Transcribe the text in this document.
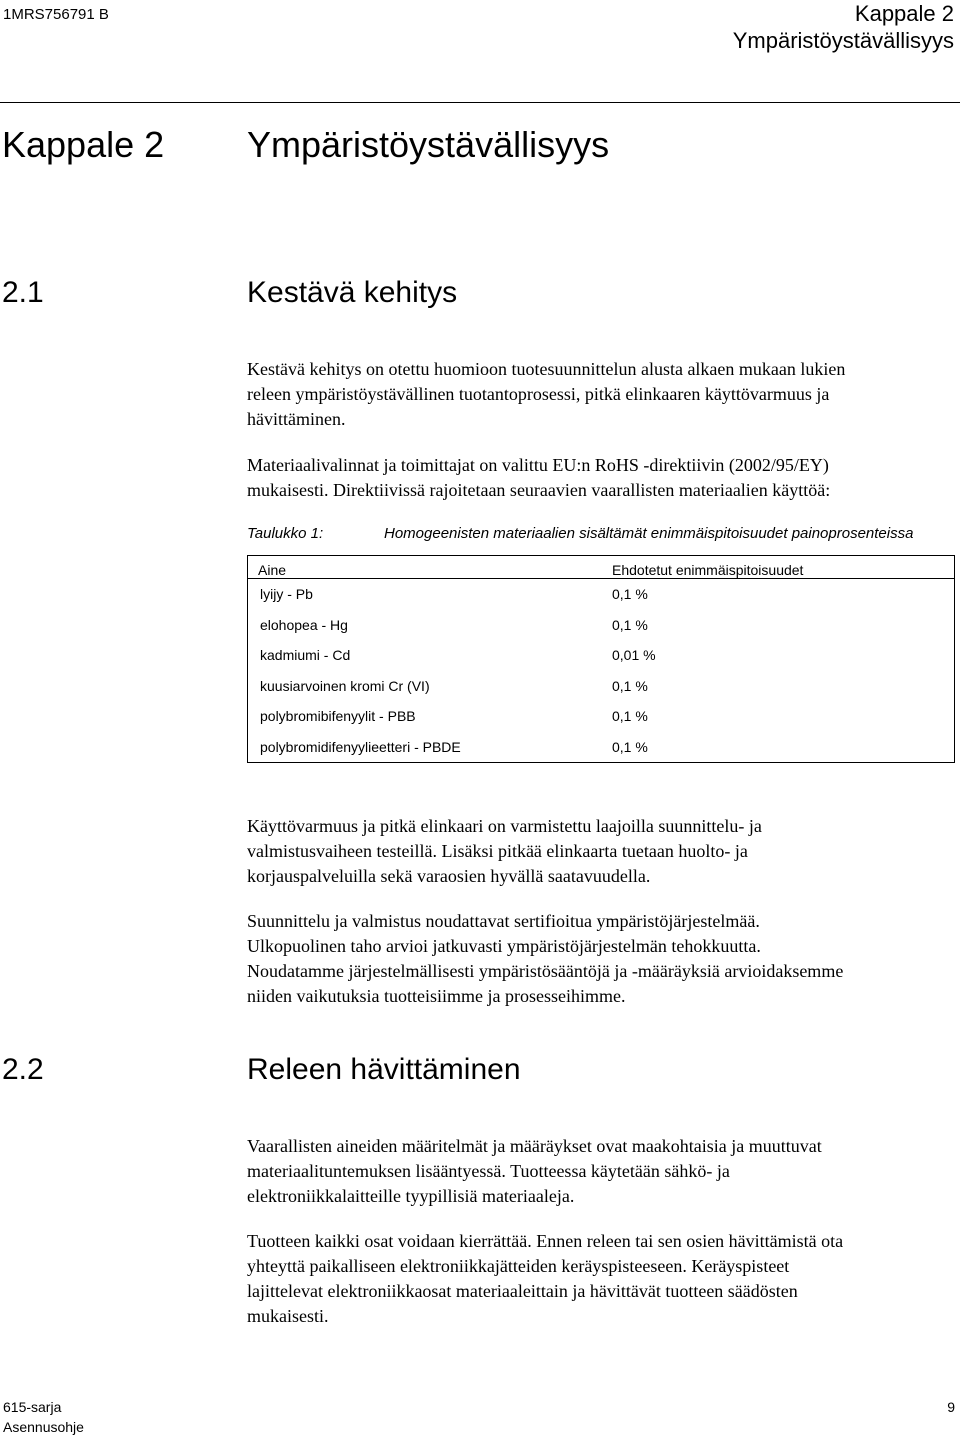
1MRS756791 B	Kappale 2
Ympäristöystävällisyys
Kappale 2 Ympäristöystävällisyys
2.1	Kestävä kehitys
Kestävä kehitys on otettu huomioon tuotesuunnittelun alusta alkaen mukaan lukien
releen ympäristöystävällinen tuotantoprosessi, pitkä elinkaaren käyttövarmuus ja
hävittäminen.
Materiaalivalinnat ja toimittajat on valittu EU:n RoHS -direktiivin (2002/95/EY)
mukaisesti. Direktiivissä rajoitetaan seuraavien vaarallisten materiaalien käyttöä:
Taulukko 1:	Homogeenisten materiaalien sisältämät enimmäispitoisuudet painoprosenteissa
Aine	Ehdotetut enimmäispitoisuudet
lyijy - Pb	0,1 %
elohopea - Hg	0,1 %
kadmiumi - Cd	0,01 %
kuusiarvoinen kromi Cr (VI)	0,1 %
polybromibifenyylit - PBB	0,1 %
polybromidifenyylieetteri - PBDE	0,1 %
Käyttövarmuus ja pitkä elinkaari on varmistettu laajoilla suunnittelu- ja
valmistusvaiheen testeillä. Lisäksi pitkää elinkaarta tuetaan huolto- ja
korjauspalveluilla sekä varaosien hyvällä saatavuudella.
Suunnittelu ja valmistus noudattavat sertifioitua ympäristöjärjestelmää.
Ulkopuolinen taho arvioi jatkuvasti ympäristöjärjestelmän tehokkuutta.
Noudatamme järjestelmällisesti ympäristösääntöjä ja -määräyksiä arvioidaksemme
niiden vaikutuksia tuotteisiimme ja prosesseihimme.
2.2	Releen hävittäminen
Vaarallisten aineiden määritelmät ja määräykset ovat maakohtaisia ja muuttuvat
materiaalituntemuksen lisääntyessä. Tuotteessa käytetään sähkö- ja
elektroniikkalaitteille tyypillisiä materiaaleja.
Tuotteen kaikki osat voidaan kierrättää. Ennen releen tai sen osien hävittämistä ota
yhteyttä paikalliseen elektroniikkajätteiden keräyspisteeseen. Keräyspisteet
lajittelevat elektroniikkaosat materiaaleittain ja hävittävät tuotteen säädösten
mukaisesti.
615-sarja
Asennusohje
9
